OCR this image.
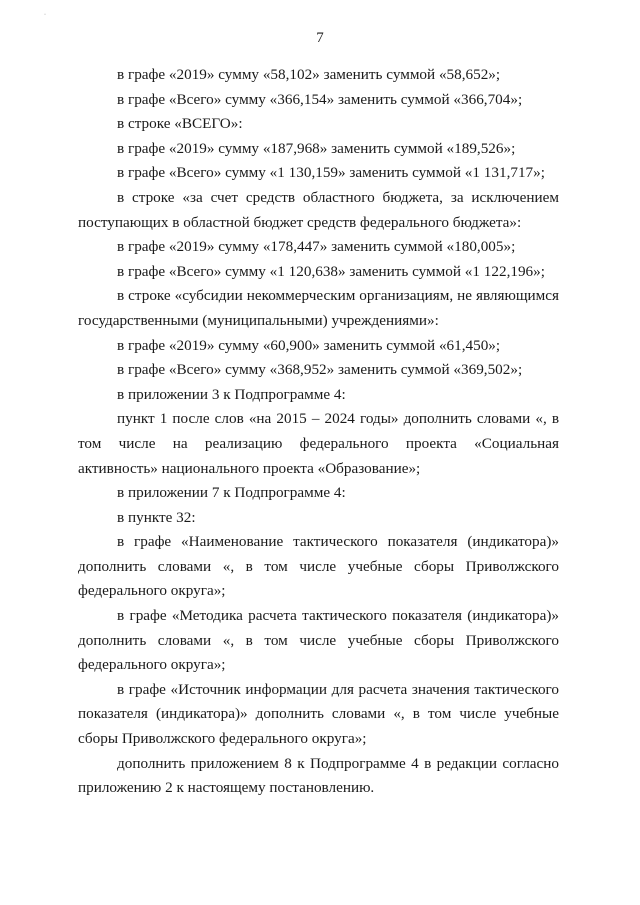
·
7

в графе «2019» сумму «58,102» заменить суммой «58,652»;

в графе «Всего» сумму «366,154» заменить суммой «366,704»;

в строке «ВСЕГО»:

в графе «2019» сумму «187,968» заменить суммой «189,526»;

в графе «Всего» сумму «1 130,159» заменить суммой «1 131,717»;

в строке «за счет средств областного бюджета, за исключением поступающих в областной бюджет средств федерального бюджета»:

в графе «2019» сумму «178,447» заменить суммой «180,005»;

в графе «Всего» сумму «1 120,638» заменить суммой «1 122,196»;

в строке «субсидии некоммерческим организациям, не являющимся государственными (муниципальными) учреждениями»:

в графе «2019» сумму «60,900» заменить суммой «61,450»;

в графе «Всего» сумму «368,952» заменить суммой «369,502»;

в приложении 3 к Подпрограмме 4:

пункт 1 после слов «на 2015 – 2024 годы» дополнить словами «, в том числе на реализацию федерального проекта «Социальная активность» национального проекта «Образование»;

в приложении 7 к Подпрограмме 4:

в пункте 32:

в графе «Наименование тактического показателя (индикатора)» дополнить словами «, в том числе учебные сборы Приволжского федерального округа»;

в графе «Методика расчета тактического показателя (индикатора)» дополнить словами «, в том числе учебные сборы Приволжского федерального округа»;

в графе «Источник информации для расчета значения тактического показателя (индикатора)» дополнить словами «, в том числе учебные сборы Приволжского федерального округа»;

дополнить приложением 8 к Подпрограмме 4 в редакции согласно приложению 2 к настоящему постановлению.
